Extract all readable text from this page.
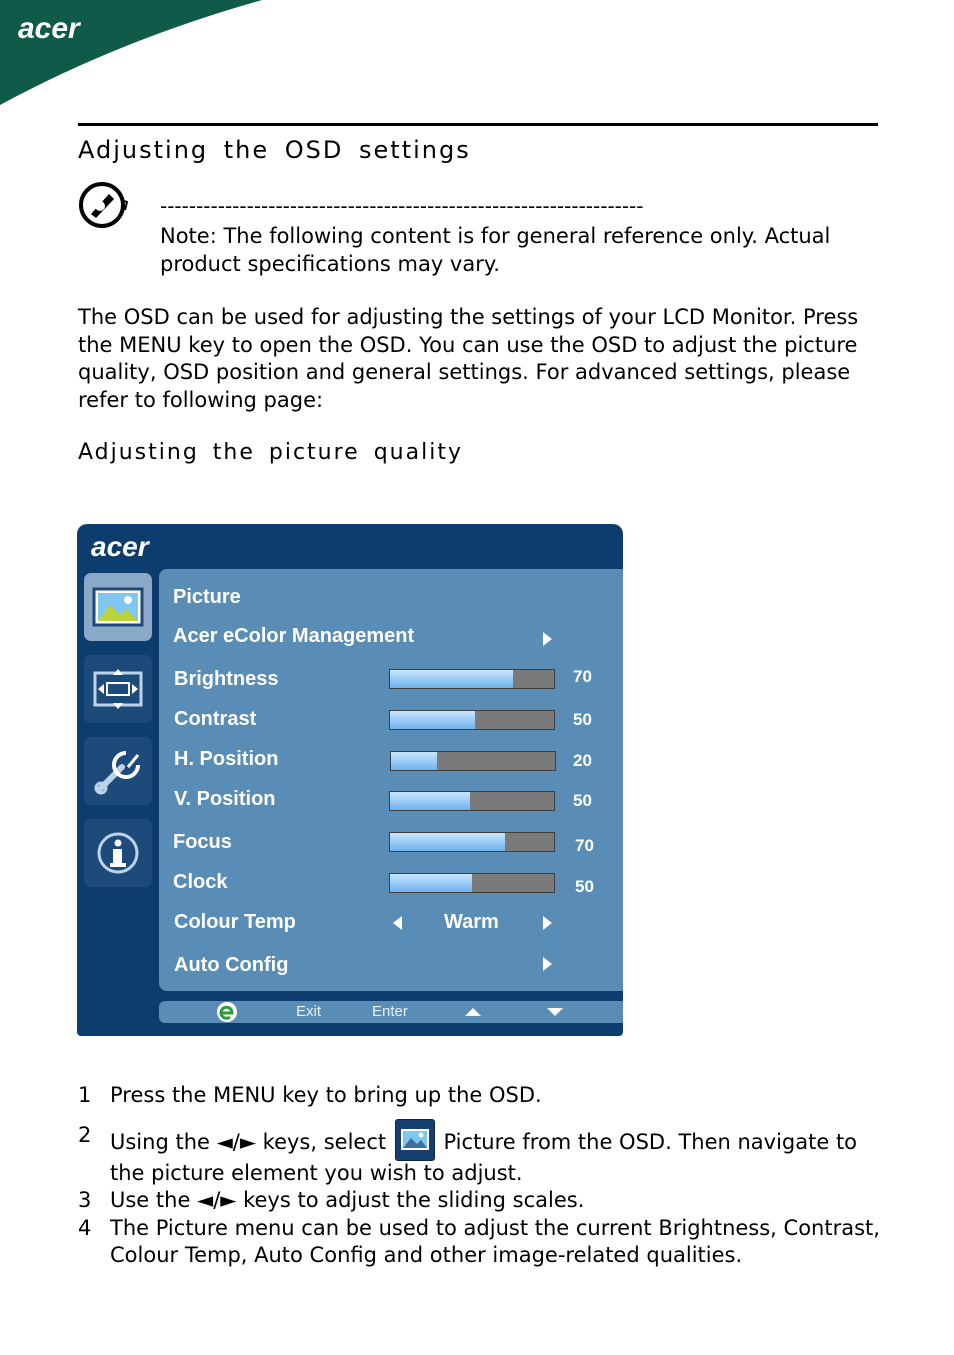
acer
Adjusting the OSD settings
-------------------------------------------------------------------
Note: The following content is for general reference only. Actual product specifications may vary.
The OSD can be used for adjusting the settings of your LCD Monitor. Press the MENU key to open the OSD. You can use the OSD to adjust the picture quality, OSD position and general settings. For advanced settings, please refer to following page:
Adjusting the picture quality
acer
Picture
Acer eColor Management
Brightness	70
Contrast	50
H. Position	20
V. Position	50
Focus	70
Clock	50
Colour Temp	Warm
Auto Config
Exit	Enter
1 Press the MENU key to bring up the OSD.
2 Using the ◄/► keys, select	Picture from the OSD. Then navigate to
the picture element you wish to adjust.
3 Use the ◄/► keys to adjust the sliding scales.
4 The Picture menu can be used to adjust the current Brightness, Contrast, Colour Temp, Auto Config and other image-related qualities.
